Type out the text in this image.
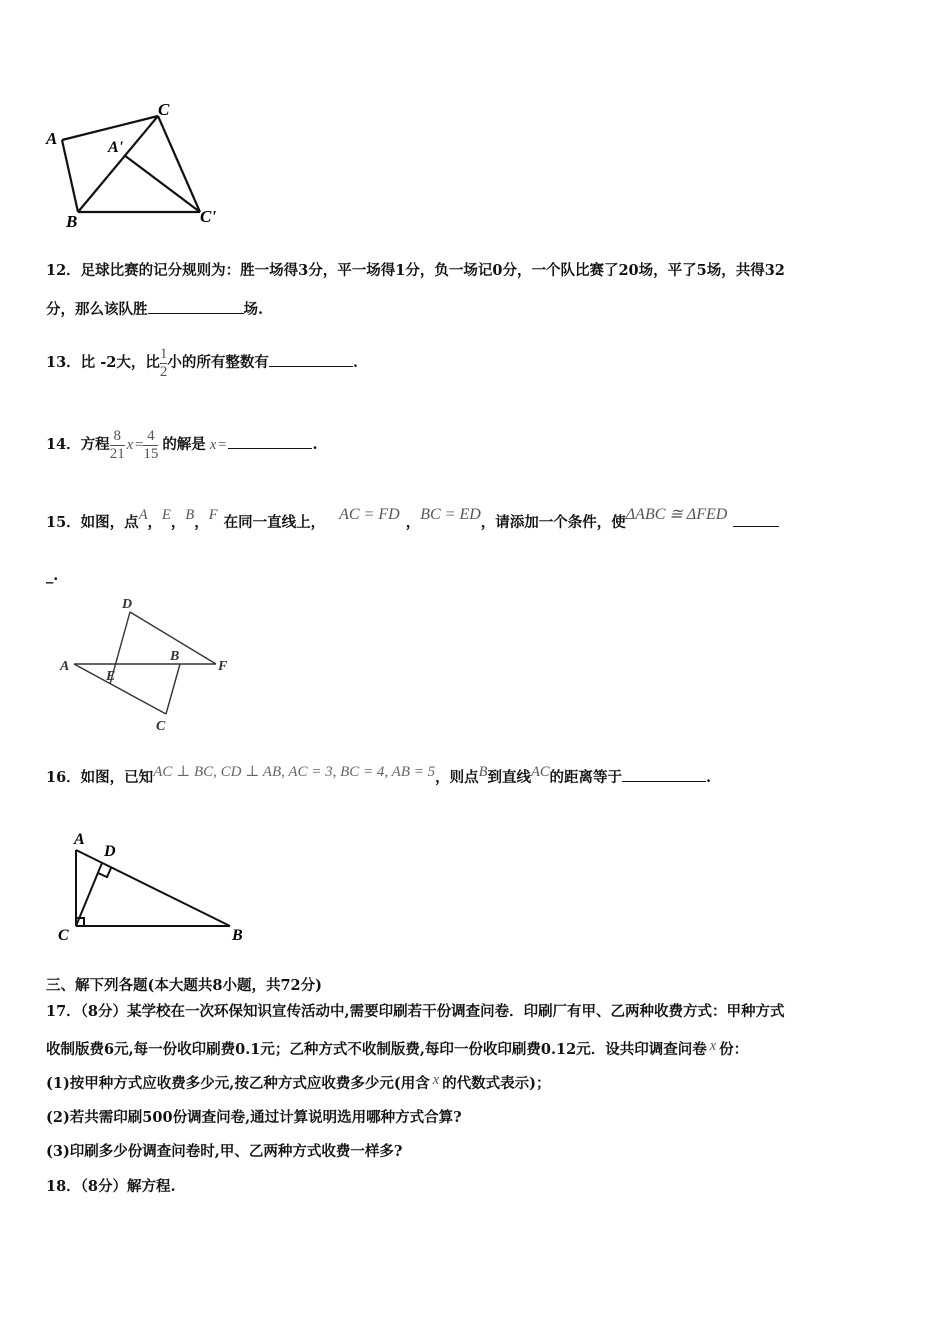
A	A'
C
B	C'
12．足球比赛的记分规则为：胜一场得3分，平一场得1分，负一场记0分，一个队比赛了20场，平了5场，共得32
分，那么该队胜	场.
13．比 -2大，比 $\frac{1}{2}$ 小的所有整数有	.
14．方程 $\frac{8}{21}$ $x = \frac{4}{15}$ 的解是 x =	.
15．如图，点A，E，B，F 在同一直线上， AC = FD ，BC = ED，请添加一个条件，使ΔABC ≅ ΔFED
_.
D
A
E
B
F
C
16．如图，已知AC ⊥ BC, CD ⊥ AB, AC = 3, BC = 4, AB = 5，则点B到直线AC的距离等于	.
A
D
C	B
三、解下列各题(本大题共8小题，共72分)
17．（8分）某学校在一次环保知识宣传活动中,需要印刷若干份调查问卷．印刷厂有甲、乙两种收费方式：甲种方式
收制版费6元,每一份收印刷费0.1元；乙种方式不收制版费,每印一份收印刷费0.12元．设共印调查问卷 x 份：
(1)按甲种方式应收费多少元,按乙种方式应收费多少元(用含 x 的代数式表示)；
(2)若共需印刷500份调查问卷,通过计算说明选用哪种方式合算?
(3)印刷多少份调查问卷时,甲、乙两种方式收费一样多?
18．（8分）解方程.
